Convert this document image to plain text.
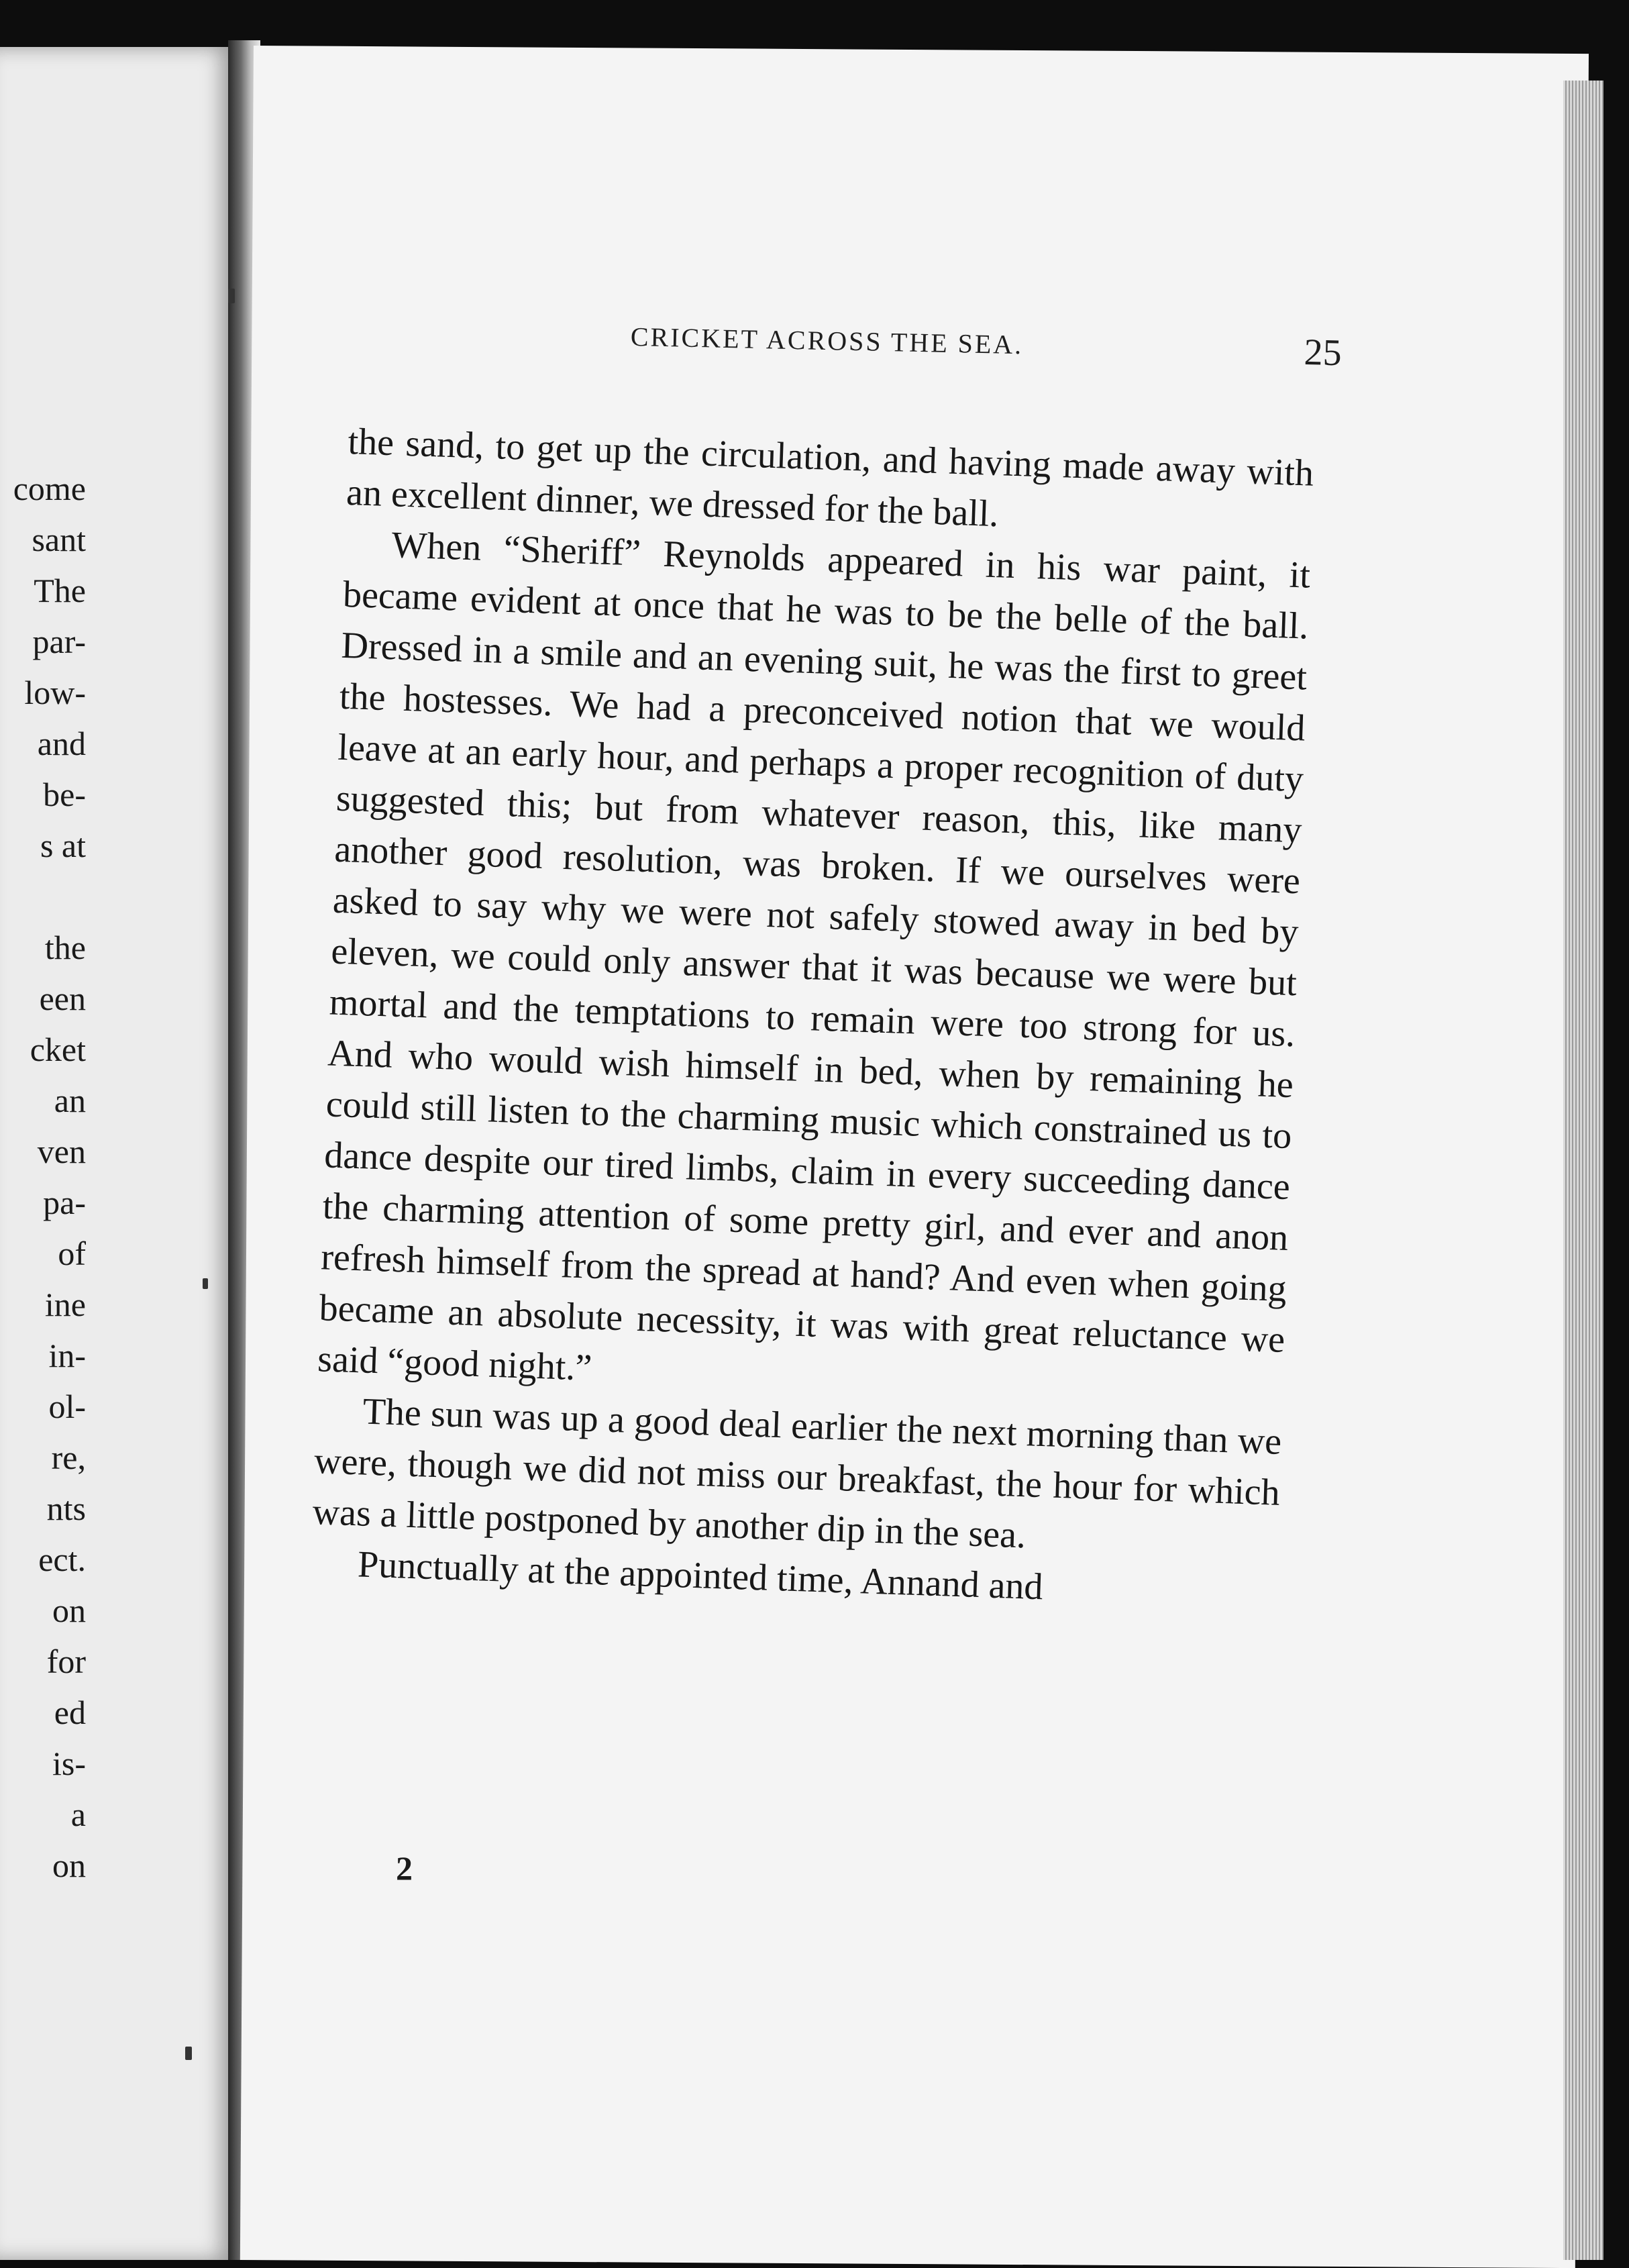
come
sant
The
par-
low-
and
be-
s at
the
een
cket
an
ven
pa-
of
ine
in-
ol-
re,
nts
ect.
on
for
ed
is-
a
on
CRICKET ACROSS THE SEA.	25

the sand, to get up the circulation, and having made away with an excellent dinner, we dressed for the ball.

When “Sheriff” Reynolds appeared in his war paint, it became evident at once that he was to be the belle of the ball. Dressed in a smile and an evening suit, he was the first to greet the hostesses. We had a preconceived notion that we would leave at an early hour, and perhaps a proper recognition of duty suggested this; but from whatever reason, this, like many another good resolution, was broken. If we ourselves were asked to say why we were not safely stowed away in bed by eleven, we could only answer that it was because we were but mortal and the temptations to remain were too strong for us. And who would wish himself in bed, when by remaining he could still listen to the charming music which constrained us to dance despite our tired limbs, claim in every succeeding dance the charming attention of some pretty girl, and ever and anon refresh himself from the spread at hand? And even when going became an absolute necessity, it was with great reluctance we said “good night.”

The sun was up a good deal earlier the next morning than we were, though we did not miss our breakfast, the hour for which was a little postponed by another dip in the sea.

Punctually at the appointed time, Annand and

2
